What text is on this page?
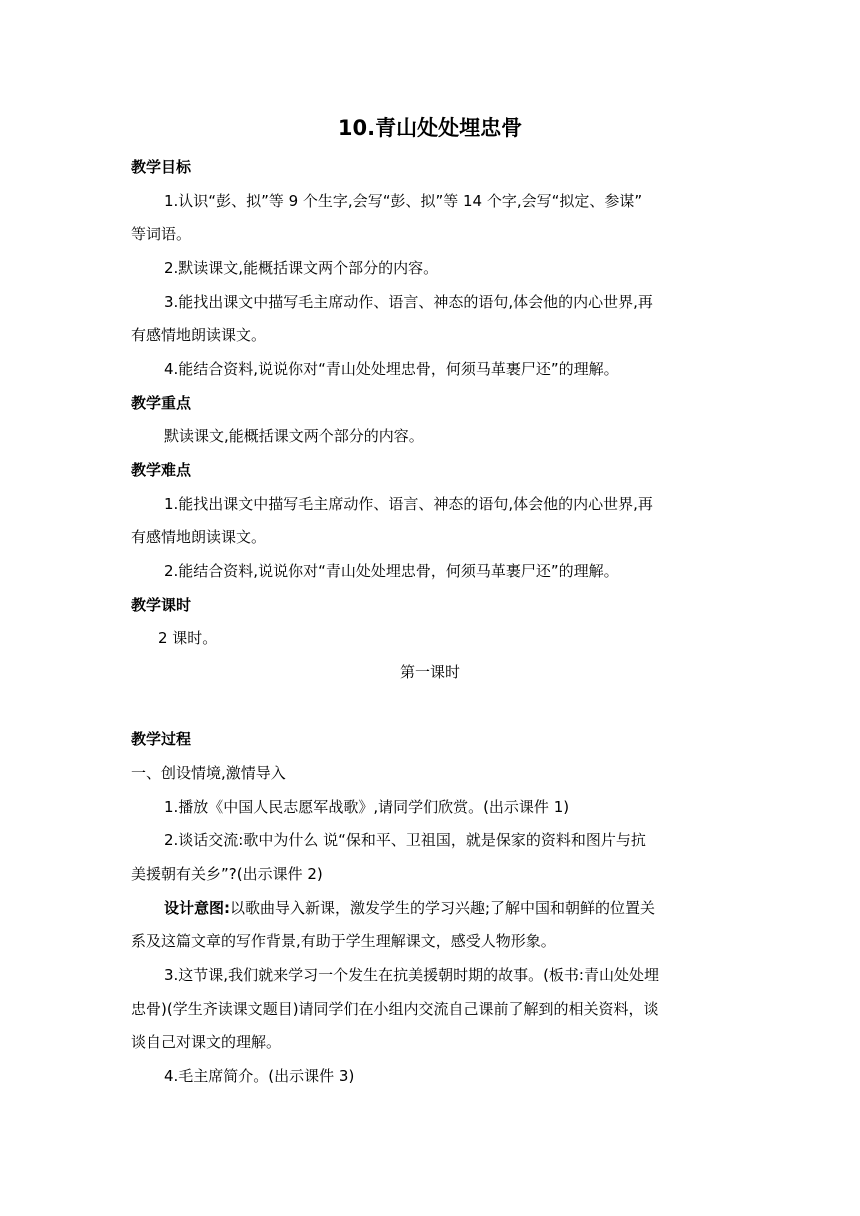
10.青山处处埋忠骨
教学目标
1.认识“彭、拟”等 9 个生字,会写“彭、拟”等 14 个字,会写“拟定、参谋”
等词语。
2.默读课文,能概括课文两个部分的内容。
3.能找出课文中描写毛主席动作、语言、神态的语句,体会他的内心世界,再
有感情地朗读课文。
4.能结合资料,说说你对“青山处处埋忠骨，何须马革裹尸还”的理解。
教学重点
默读课文,能概括课文两个部分的内容。
教学难点
1.能找出课文中描写毛主席动作、语言、神态的语句,体会他的内心世界,再
有感情地朗读课文。
2.能结合资料,说说你对“青山处处埋忠骨，何须马革裹尸还”的理解。
教学课时
2 课时。
第一课时
教学过程
一、创设情境,激情导入
1.播放《中国人民志愿军战歌》,请同学们欣赏。(出示课件 1)
2.谈话交流:歌中为什么 说“保和平、卫祖国，就是保家的资料和图片与抗
美援朝有关乡”?(出示课件 2)
设计意图:以歌曲导入新课，激发学生的学习兴趣;了解中国和朝鲜的位置关
系及这篇文章的写作背景,有助于学生理解课文，感受人物形象。
3.这节课,我们就来学习一个发生在抗美援朝时期的故事。(板书:青山处处埋
忠骨)(学生齐读课文题目)请同学们在小组内交流自己课前了解到的相关资料，谈
谈自己对课文的理解。
4.毛主席简介。(出示课件 3)
